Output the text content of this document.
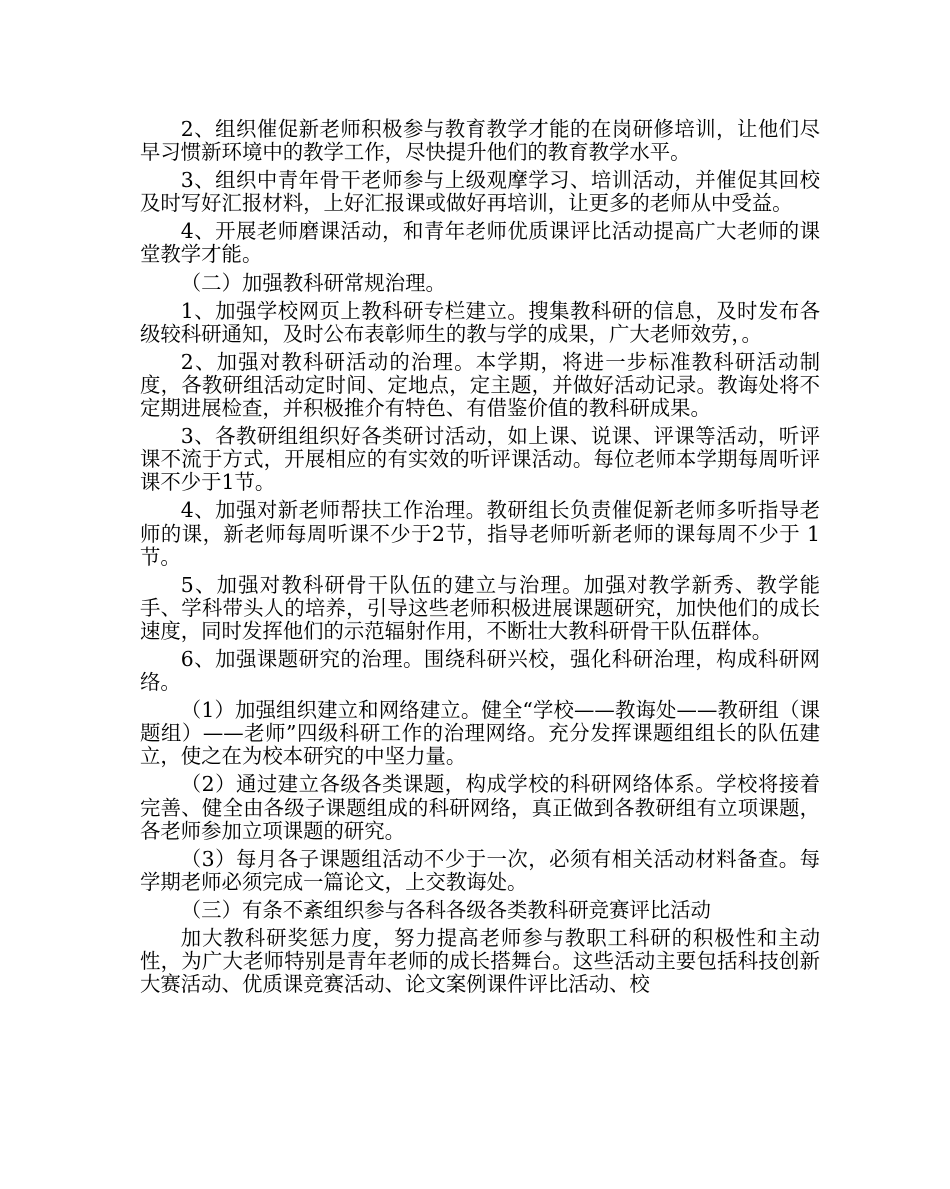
2、组织催促新老师积极参与教育教学才能的在岗研修培训，让他们尽早习惯新环境中的教学工作，尽快提升他们的教育教学水平。

3、组织中青年骨干老师参与上级观摩学习、培训活动，并催促其回校及时写好汇报材料，上好汇报课或做好再培训，让更多的老师从中受益。

4、开展老师磨课活动，和青年老师优质课评比活动提高广大老师的课堂教学才能。

（二）加强教科研常规治理。

1、加强学校网页上教科研专栏建立。搜集教科研的信息，及时发布各级较科研通知，及时公布表彰师生的教与学的成果，广大老师效劳，。

2、加强对教科研活动的治理。本学期，将进一步标准教科研活动制度，各教研组活动定时间、定地点，定主题，并做好活动记录。教诲处将不定期进展检查，并积极推介有特色、有借鉴价值的教科研成果。

3、各教研组组织好各类研讨活动，如上课、说课、评课等活动，听评课不流于方式，开展相应的有实效的听评课活动。每位老师本学期每周听评课不少于1节。

4、加强对新老师帮扶工作治理。教研组长负责催促新老师多听指导老师的课，新老师每周听课不少于2节，指导老师听新老师的课每周不少于 1节。

5、加强对教科研骨干队伍的建立与治理。加强对教学新秀、教学能手、学科带头人的培养，引导这些老师积极进展课题研究，加快他们的成长速度，同时发挥他们的示范辐射作用，不断壮大教科研骨干队伍群体。

6、加强课题研究的治理。围绕科研兴校，强化科研治理，构成科研网络。

（1）加强组织建立和网络建立。健全“学校——教诲处——教研组（课题组）——老师”四级科研工作的治理网络。充分发挥课题组组长的队伍建立，使之在为校本研究的中坚力量。

（2）通过建立各级各类课题，构成学校的科研网络体系。学校将接着完善、健全由各级子课题组成的科研网络，真正做到各教研组有立项课题，各老师参加立项课题的研究。

（3）每月各子课题组活动不少于一次，必须有相关活动材料备查。每学期老师必须完成一篇论文，上交教诲处。

（三）有条不紊组织参与各科各级各类教科研竞赛评比活动

加大教科研奖惩力度，努力提高老师参与教职工科研的积极性和主动性，为广大老师特别是青年老师的成长搭舞台。这些活动主要包括科技创新大赛活动、优质课竞赛活动、论文案例课件评比活动、校
